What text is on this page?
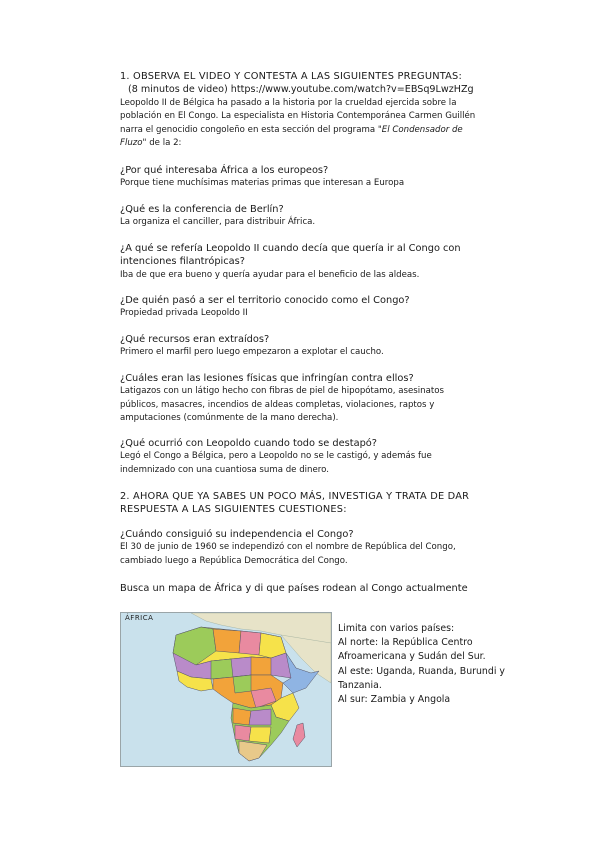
1. OBSERVA EL VIDEO Y CONTESTA A LAS SIGUIENTES PREGUNTAS:
(8 minutos de video) https://www.youtube.com/watch?v=EBSq9LwzHZg
Leopoldo II de Bélgica ha pasado a la historia por la crueldad ejercida sobre la
población en El Congo. La especialista en Historia Contemporánea Carmen Guillén
narra el genocidio congoleño en esta sección del programa "El Condensador de
Fluzo" de la 2:
¿Por qué interesaba África a los europeos?
Porque tiene muchísimas materias primas que interesan a Europa
¿Qué es la conferencia de Berlín?
La organiza el canciller, para distribuir África.
¿A qué se refería Leopoldo II cuando decía que quería ir al Congo con
intenciones filantrópicas?
Iba de que era bueno y quería ayudar para el beneficio de las aldeas.
¿De quién pasó a ser el territorio conocido como el Congo?
Propiedad privada Leopoldo II
¿Qué recursos eran extraídos?
Primero el marfil pero luego empezaron a explotar el caucho.
¿Cuáles eran las lesiones físicas que infringían contra ellos?
Latigazos con un látigo hecho con fibras de piel de hipopótamo, asesinatos
públicos, masacres, incendios de aldeas completas, violaciones, raptos y
amputaciones (comúnmente de la mano derecha).
¿Qué ocurrió con Leopoldo cuando todo se destapó?
Legó el Congo a Bélgica, pero a Leopoldo no se le castigó, y además fue
indemnizado con una cuantiosa suma de dinero.
2. AHORA QUE YA SABES UN POCO MÁS, INVESTIGA Y TRATA DE DAR
RESPUESTA A LAS SIGUIENTES CUESTIONES:
¿Cuándo consiguió su independencia el Congo?
El 30 de junio de 1960 se independizó con el nombre de República del Congo,
cambiado luego a República Democrática del Congo.
Busca un mapa de África y di que países rodean al Congo actualmente
ÁFRICA
Limita con varios países:
Al norte: la República Centro
Afroamericana y Sudán del Sur.
Al este: Uganda, Ruanda, Burundi y
Tanzania.
Al sur: Zambia y Angola
